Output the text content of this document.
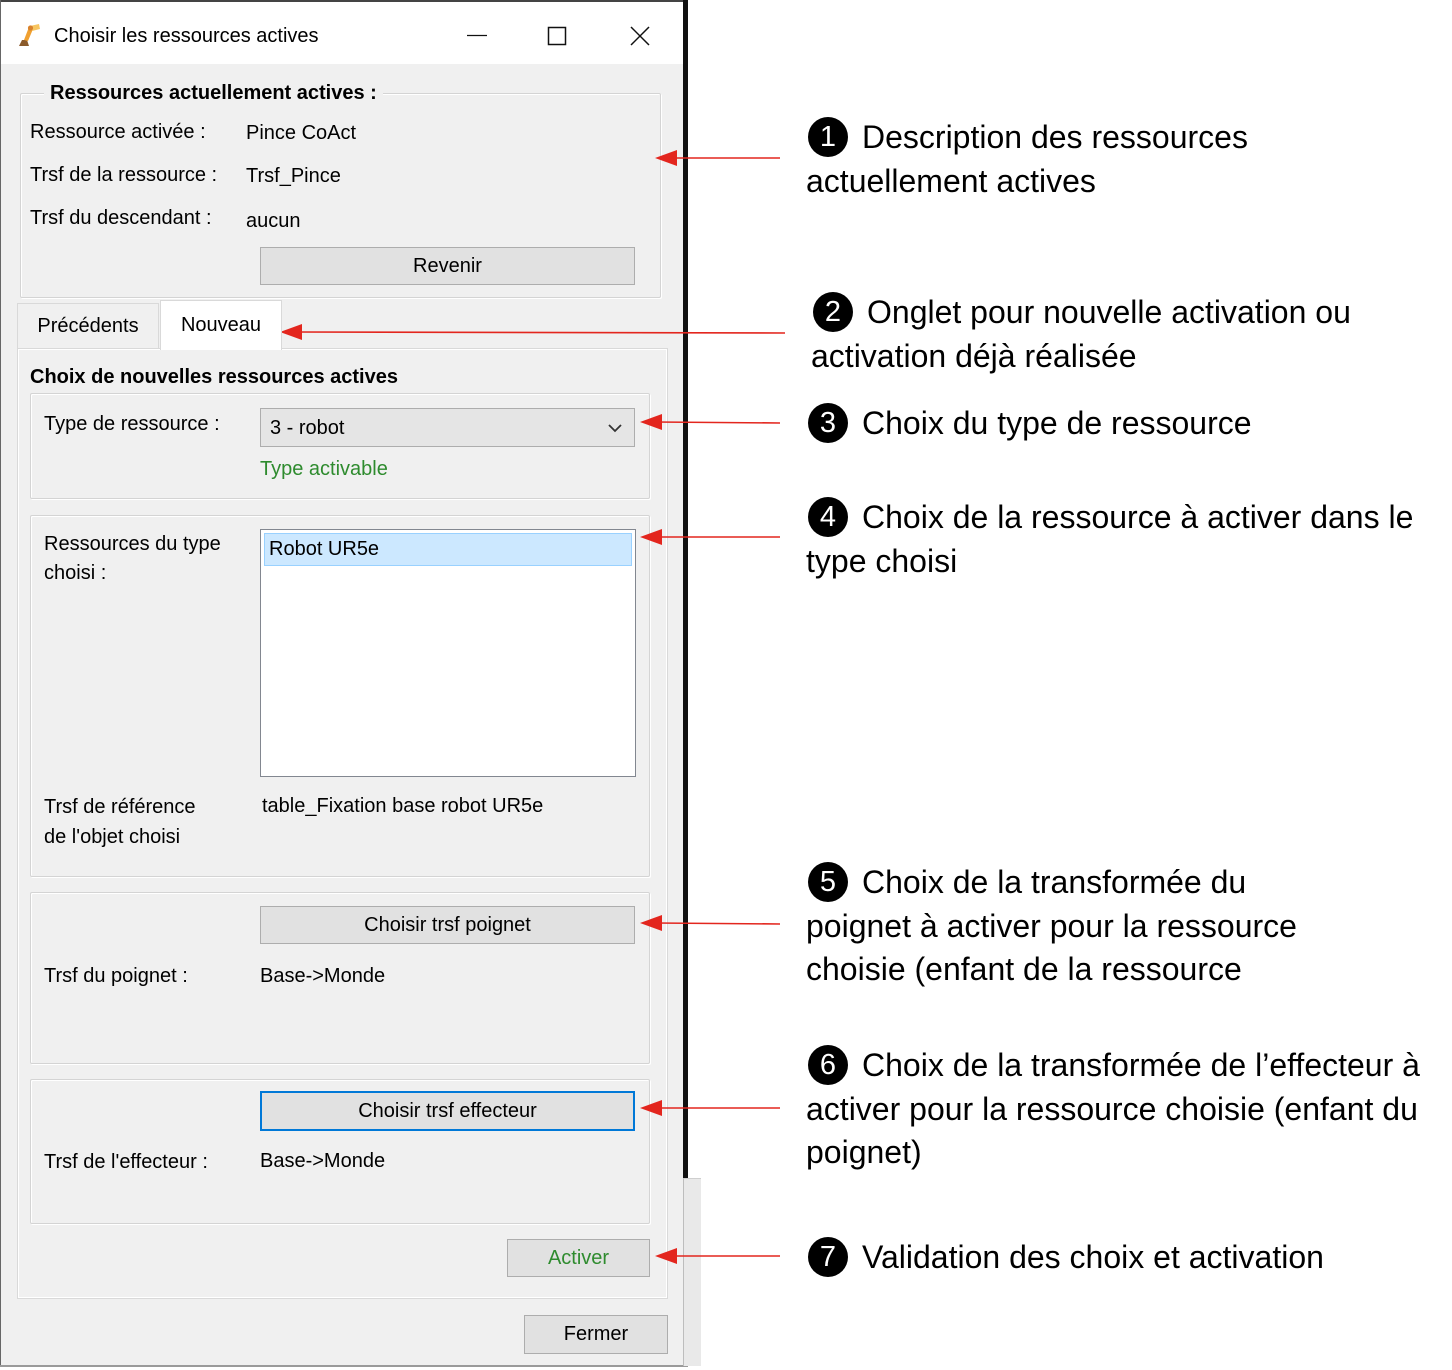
Choisir les ressources actives
Ressources actuellement actives :
Ressource activée : Pince CoAct
Trsf de la ressource : Trsf_Pince
Trsf du descendant : aucun
Revenir
Précédents	Nouveau
Choix de nouvelles ressources actives
Type de ressource :	3 - robot
Type activable
Ressources du type
choisi :
Robot UR5e
Trsf de référence
de l'objet choisi
table_Fixation base robot UR5e
Choisir trsf poignet
Trsf du poignet :	Base->Monde
Choisir trsf effecteur
Trsf de l'effecteur :	Base->Monde
Activer
Fermer
1 Description des ressources
actuellement actives
2 Onglet pour nouvelle activation ou
activation déjà réalisée
3 Choix du type de ressource
4 Choix de la ressource à activer dans le
type choisi
5 Choix de la transformée du
poignet à activer pour la ressource
choisie (enfant de la ressource
6 Choix de la transformée de l’effecteur à
activer pour la ressource choisie (enfant du
poignet)
7 Validation des choix et activation
